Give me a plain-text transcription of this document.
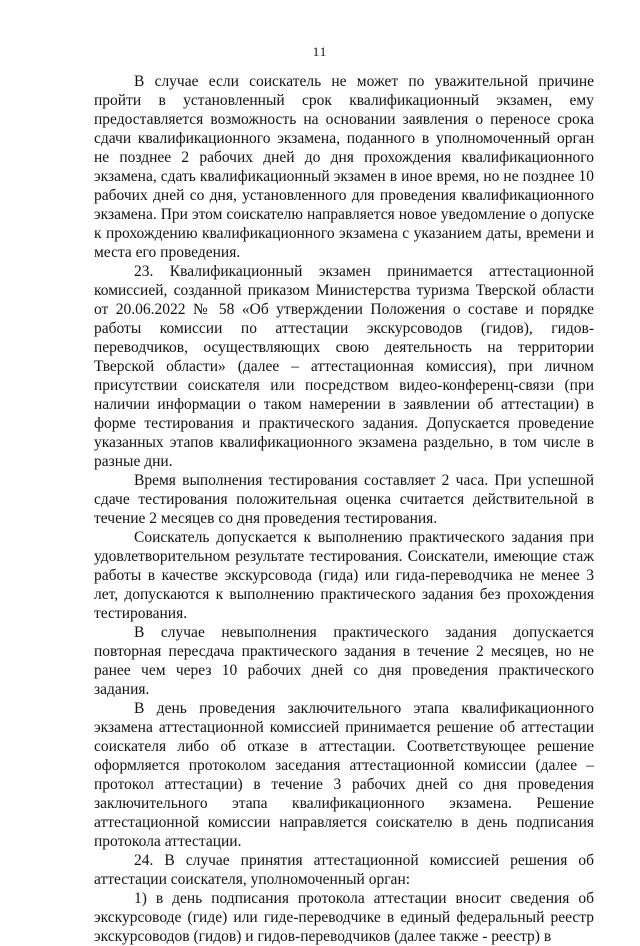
11

В случае если соискатель не может по уважительной причине пройти в установленный срок квалификационный экзамен, ему предоставляется возможность на основании заявления о переносе срока сдачи квалификационного экзамена, поданного в уполномоченный орган не позднее 2 рабочих дней до дня прохождения квалификационного экзамена, сдать квалификационный экзамен в иное время, но не позднее 10 рабочих дней со дня, установленного для проведения квалификационного экзамена. При этом соискателю направляется новое уведомление о допуске к прохождению квалификационного экзамена с указанием даты, времени и места его проведения.

23. Квалификационный экзамен принимается аттестационной комиссией, созданной приказом Министерства туризма Тверской области от 20.06.2022 № 58 «Об утверждении Положения о составе и порядке работы комиссии по аттестации экскурсоводов (гидов), гидов-переводчиков, осуществляющих свою деятельность на территории Тверской области» (далее – аттестационная комиссия), при личном присутствии соискателя или посредством видео-конференц-связи (при наличии информации о таком намерении в заявлении об аттестации) в форме тестирования и практического задания. Допускается проведение указанных этапов квалификационного экзамена раздельно, в том числе в разные дни.

Время выполнения тестирования составляет 2 часа. При успешной сдаче тестирования положительная оценка считается действительной в течение 2 месяцев со дня проведения тестирования.

Соискатель допускается к выполнению практического задания при удовлетворительном результате тестирования. Соискатели, имеющие стаж работы в качестве экскурсовода (гида) или гида-переводчика не менее 3 лет, допускаются к выполнению практического задания без прохождения тестирования.

В случае невыполнения практического задания допускается повторная пересдача практического задания в течение 2 месяцев, но не ранее чем через 10 рабочих дней со дня проведения практического задания.

В день проведения заключительного этапа квалификационного экзамена аттестационной комиссией принимается решение об аттестации соискателя либо об отказе в аттестации. Соответствующее решение оформляется протоколом заседания аттестационной комиссии (далее – протокол аттестации) в течение 3 рабочих дней со дня проведения заключительного этапа квалификационного экзамена. Решение аттестационной комиссии направляется соискателю в день подписания протокола аттестации.

24. В случае принятия аттестационной комиссией решения об аттестации соискателя, уполномоченный орган:

1) в день подписания протокола аттестации вносит сведения об экскурсоводе (гиде) или гиде-переводчике в единый федеральный реестр экскурсоводов (гидов) и гидов-переводчиков (далее также - реестр) в
